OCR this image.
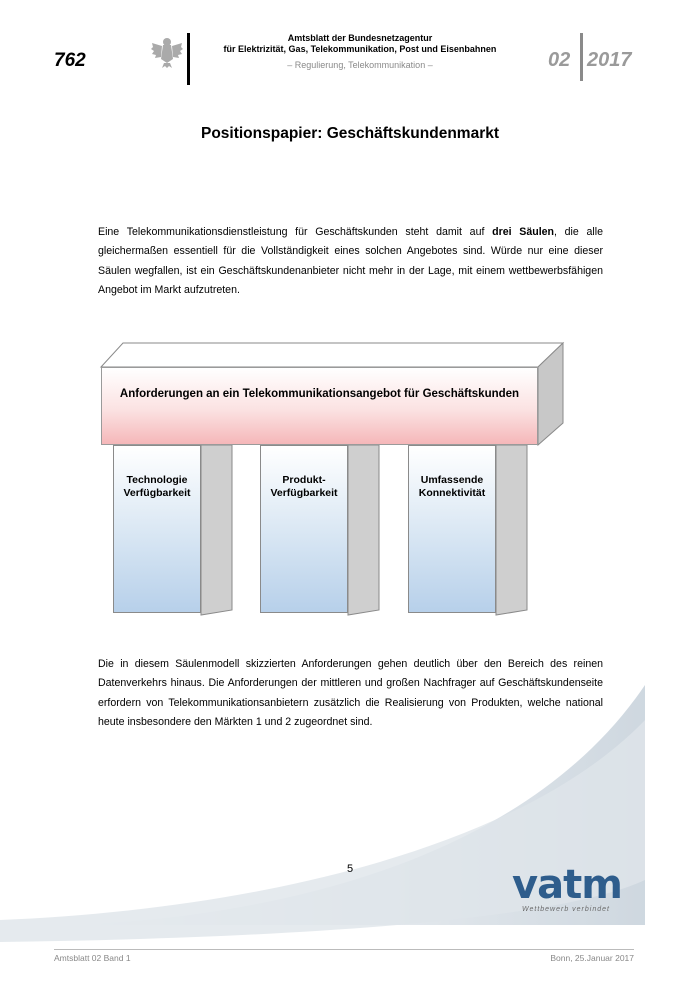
762
Amtsblatt der Bundesnetzagentur
für Elektrizität, Gas, Telekommunikation, Post und Eisenbahnen
– Regulierung, Telekommunikation –	02 2017
Positionspapier: Geschäftskundenmarkt
Eine Telekommunikationsdienstleistung für Geschäftskunden steht damit auf drei Säulen, die alle gleichermaßen essentiell für die Vollständigkeit eines solchen Angebotes sind. Würde nur eine dieser Säulen wegfallen, ist ein Geschäftskundenanbieter nicht mehr in der Lage, mit einem wettbewerbsfähigen Angebot im Markt aufzutreten.
Anforderungen an ein Telekommunikationsangebot für Geschäftskunden
Technologie
Verfügbarkeit
Produkt-
Verfügbarkeit
Umfassende
Konnektivität
Die in diesem Säulenmodell skizzierten Anforderungen gehen deutlich über den Bereich des reinen Datenverkehrs hinaus. Die Anforderungen der mittleren und großen Nachfrager auf Geschäftskundenseite erfordern von Telekommunikationsanbietern zusätzlich die Realisierung von Produkten, welche national heute insbesondere den Märkten 1 und 2 zugeordnet sind.
5	vatm
Wettbewerb verbindet
Amtsblatt 02 Band 1	Bonn, 25.Januar 2017
